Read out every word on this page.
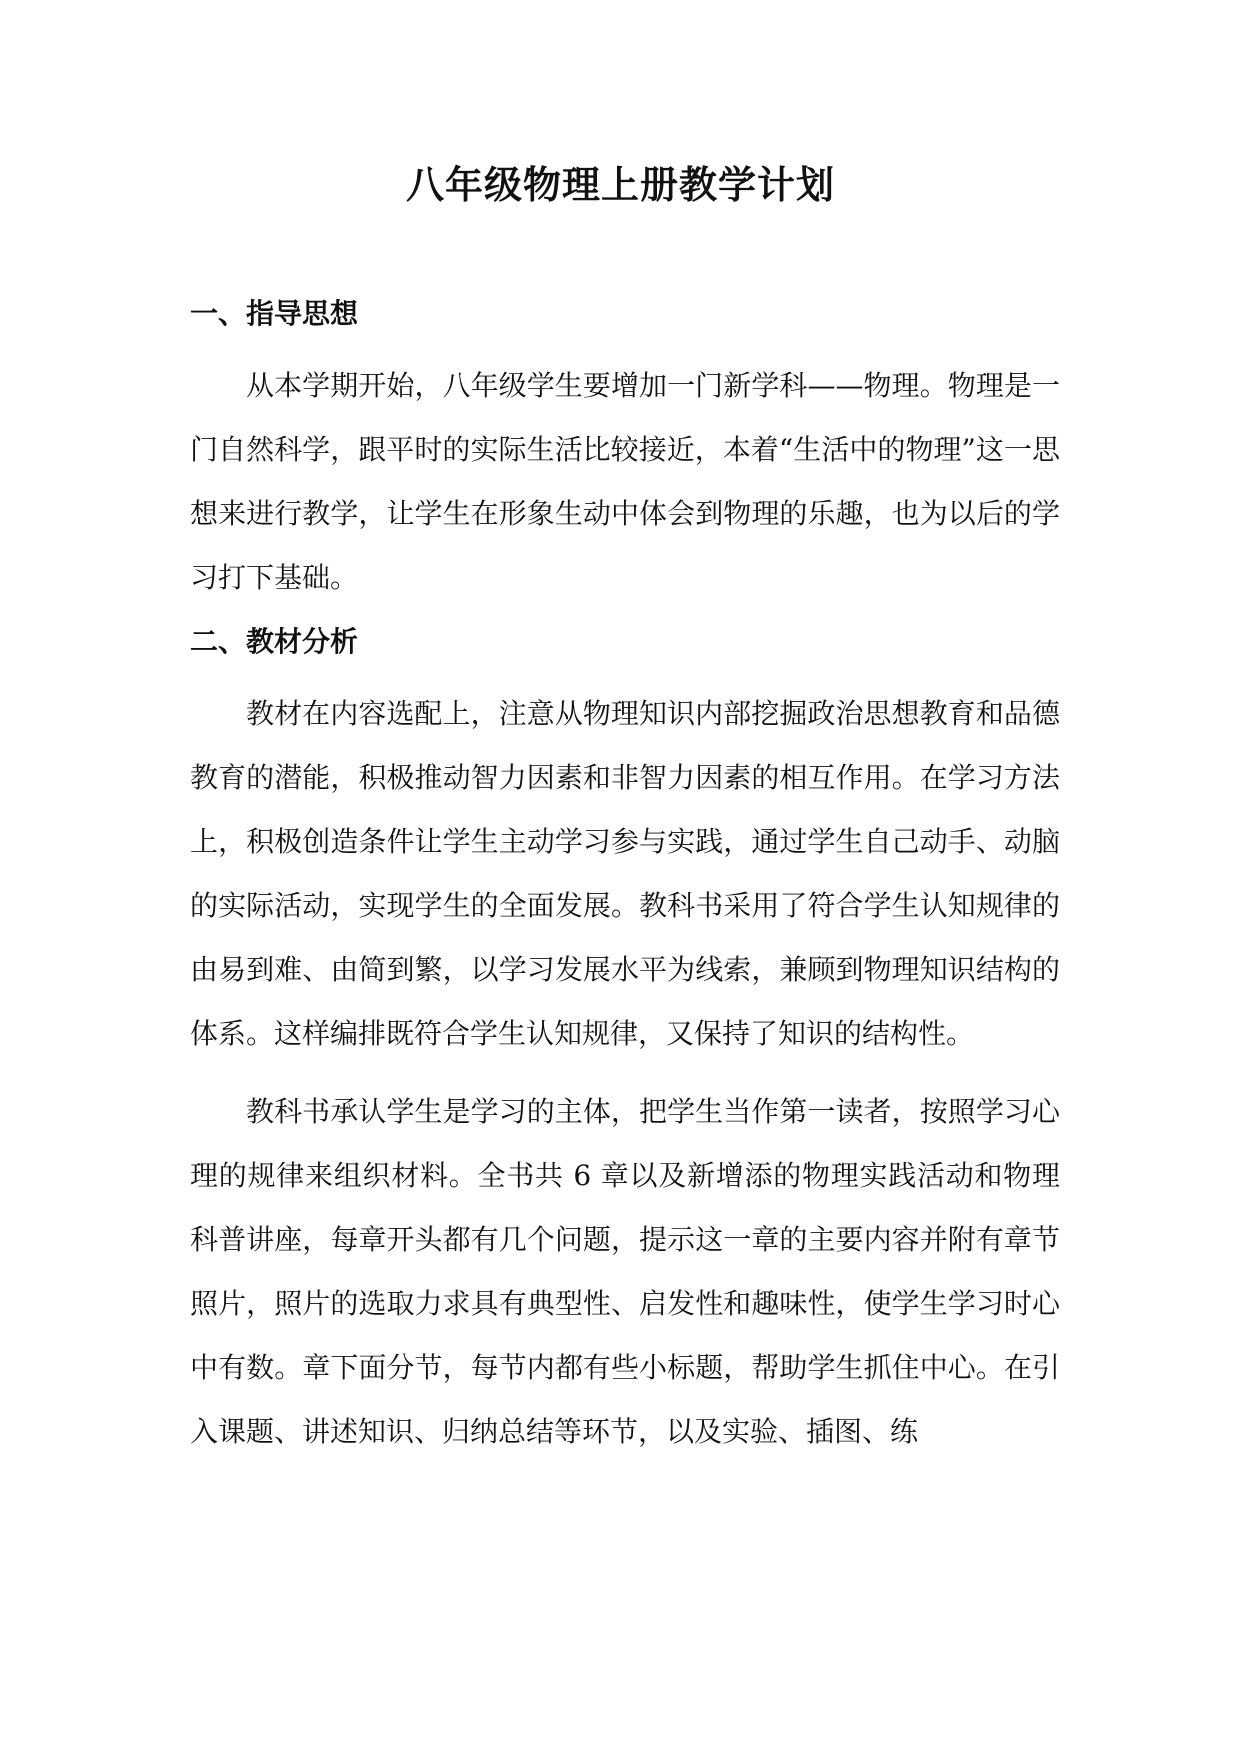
八年级物理上册教学计划
一、指导思想

从本学期开始，八年级学生要增加一门新学科——物理。物理是一门自然科学，跟平时的实际生活比较接近，本着“生活中的物理”这一思想来进行教学，让学生在形象生动中体会到物理的乐趣，也为以后的学习打下基础。

二、教材分析

教材在内容选配上，注意从物理知识内部挖掘政治思想教育和品德教育的潜能，积极推动智力因素和非智力因素的相互作用。在学习方法上，积极创造条件让学生主动学习参与实践，通过学生自己动手、动脑的实际活动，实现学生的全面发展。教科书采用了符合学生认知规律的由易到难、由简到繁，以学习发展水平为线索，兼顾到物理知识结构的体系。这样编排既符合学生认知规律，又保持了知识的结构性。

教科书承认学生是学习的主体，把学生当作第一读者，按照学习心理的规律来组织材料。全书共 6 章以及新增添的物理实践活动和物理科普讲座，每章开头都有几个问题，提示这一章的主要内容并附有章节照片，照片的选取力求具有典型性、启发性和趣味性，使学生学习时心中有数。章下面分节，每节内都有些小标题，帮助学生抓住中心。在引入课题、讲述知识、归纳总结等环节，以及实验、插图、练
